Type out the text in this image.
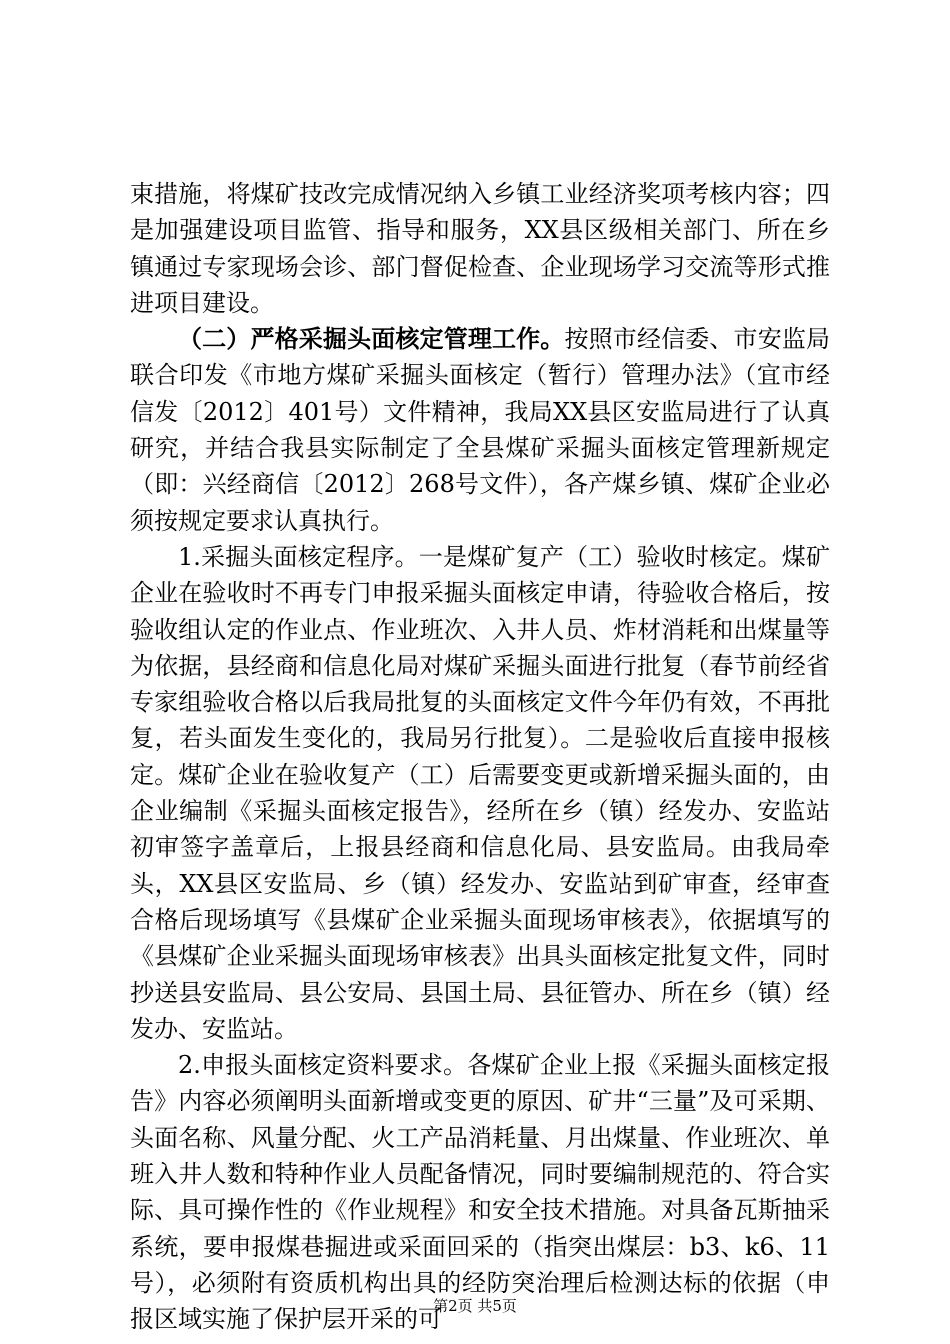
束措施，将煤矿技改完成情况纳入乡镇工业经济奖项考核内容；四是加强建设项目监管、指导和服务，XX县区级相关部门、所在乡镇通过专家现场会诊、部门督促检查、企业现场学习交流等形式推进项目建设。

（二）严格采掘头面核定管理工作。按照市经信委、市安监局联合印发《市地方煤矿采掘头面核定（暂行）管理办法》（宜市经信发〔2012〕401号）文件精神，我局XX县区安监局进行了认真研究，并结合我县实际制定了全县煤矿采掘头面核定管理新规定（即：兴经商信〔2012〕268号文件），各产煤乡镇、煤矿企业必须按规定要求认真执行。

1.采掘头面核定程序。一是煤矿复产（工）验收时核定。煤矿企业在验收时不再专门申报采掘头面核定申请，待验收合格后，按验收组认定的作业点、作业班次、入井人员、炸材消耗和出煤量等为依据，县经商和信息化局对煤矿采掘头面进行批复（春节前经省专家组验收合格以后我局批复的头面核定文件今年仍有效，不再批复，若头面发生变化的，我局另行批复）。二是验收后直接申报核定。煤矿企业在验收复产（工）后需要变更或新增采掘头面的，由企业编制《采掘头面核定报告》，经所在乡（镇）经发办、安监站初审签字盖章后，上报县经商和信息化局、县安监局。由我局牵头，XX县区安监局、乡（镇）经发办、安监站到矿审查，经审查合格后现场填写《县煤矿企业采掘头面现场审核表》，依据填写的《县煤矿企业采掘头面现场审核表》出具头面核定批复文件，同时抄送县安监局、县公安局、县国土局、县征管办、所在乡（镇）经发办、安监站。

2.申报头面核定资料要求。各煤矿企业上报《采掘头面核定报告》内容必须阐明头面新增或变更的原因、矿井“三量”及可采期、头面名称、风量分配、火工产品消耗量、月出煤量、作业班次、单班入井人数和特种作业人员配备情况，同时要编制规范的、符合实际、具可操作性的《作业规程》和安全技术措施。对具备瓦斯抽采系统，要申报煤巷掘进或采面回采的（指突出煤层：b3、k6、11号），必须附有资质机构出具的经防突治理后检测达标的依据（申报区域实施了保护层开采的可

第2页 共5页
